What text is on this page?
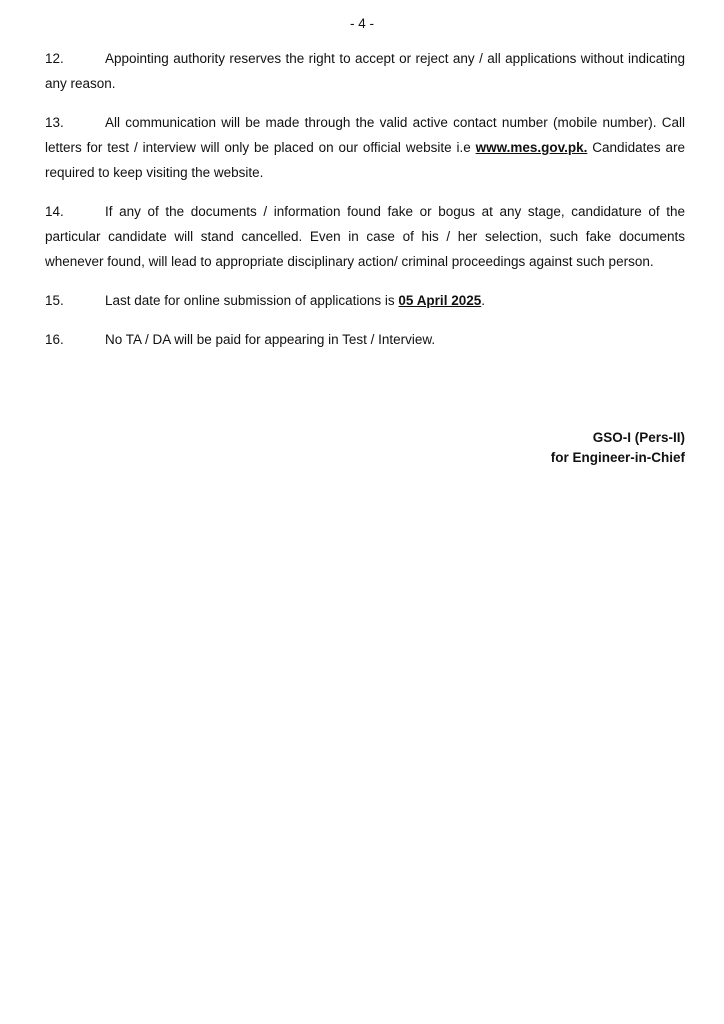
- 4 -

12.	Appointing authority reserves the right to accept or reject any / all applications without indicating any reason.

13.	All communication will be made through the valid active contact number (mobile number). Call letters for test / interview will only be placed on our official website i.e www.mes.gov.pk. Candidates are required to keep visiting the website.

14.	If any of the documents / information found fake or bogus at any stage, candidature of the particular candidate will stand cancelled. Even in case of his / her selection, such fake documents whenever found, will lead to appropriate disciplinary action/ criminal proceedings against such person.

15.	Last date for online submission of applications is 05 April 2025.

16.	No TA / DA will be paid for appearing in Test / Interview.

GSO-I (Pers-II)
for Engineer-in-Chief
